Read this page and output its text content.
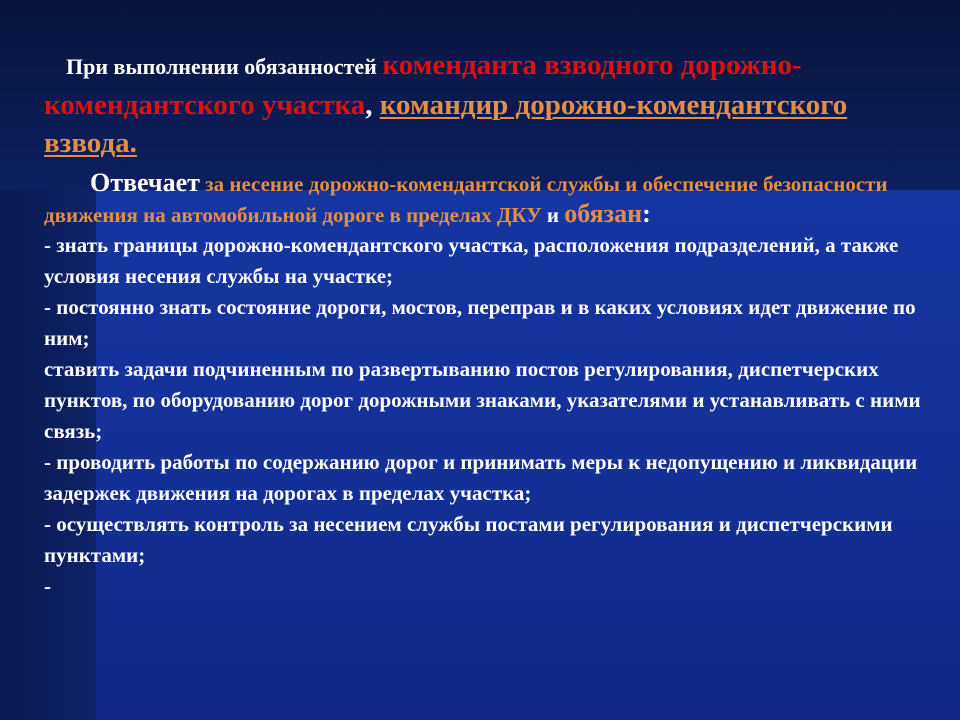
При выполнении обязанностей коменданта взводного дорожно-комендантского участка, командир дорожно-комендантского взвода.

Отвечает за несение дорожно-комендантской службы и обеспечение безопасности движения на автомобильной дороге в пределах ДКУ и обязан:

- знать границы дорожно-комендантского участка, расположения подразделений, а также условия несения службы на участке;
- постоянно знать состояние дороги, мостов, переправ и в каких условиях идет движение по ним;
ставить задачи подчиненным по развертыванию постов регулирования, диспетчерских пунктов, по оборудованию дорог дорожными знаками, указателями и устанавливать с ними связь;
- проводить работы по содержанию дорог и принимать меры к недопущению и ликвидации задержек движения на дорогах в пределах участка;
- осуществлять контроль за несением службы постами регулирования и диспетчерскими пунктами;
-
